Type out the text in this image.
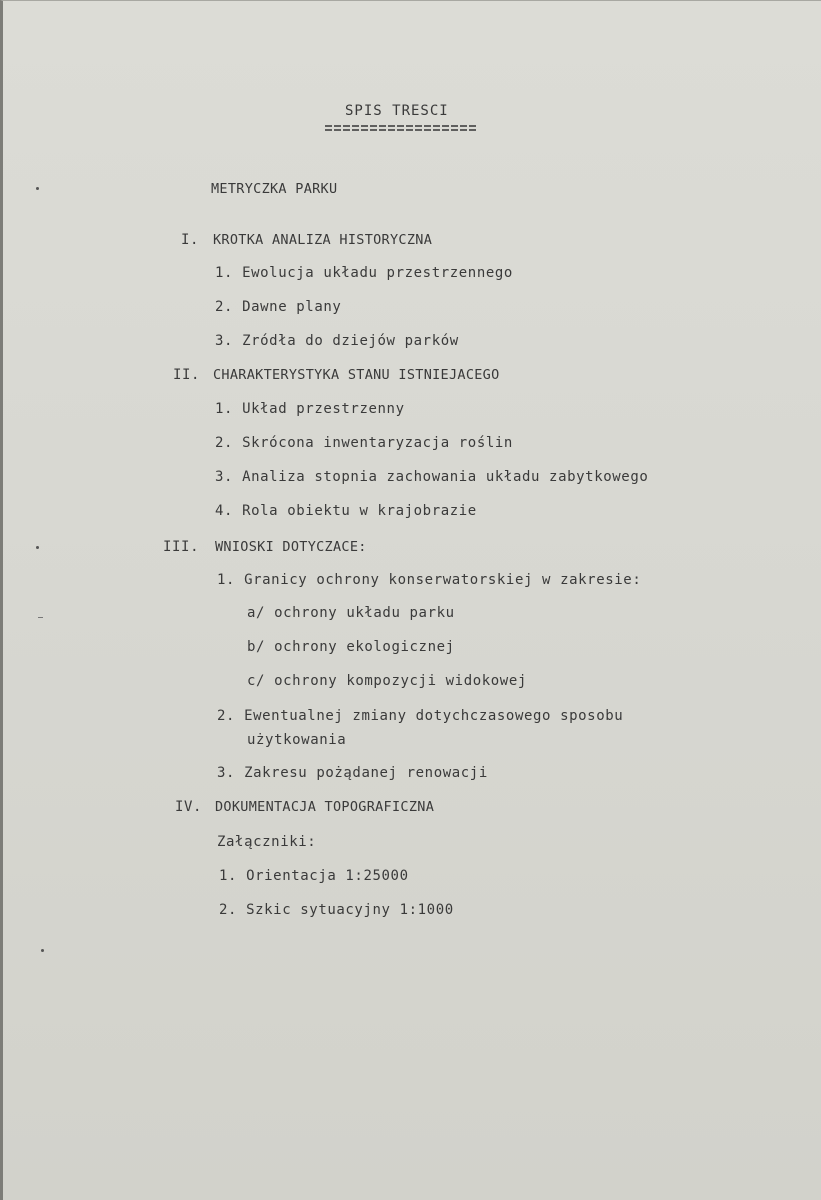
SPIS TRESCI
METRYCZKA PARKU
I. KROTKA ANALIZA HISTORYCZNA
1. Ewolucja układu przestrzennego
2. Dawne plany
3. Zródła do dziejów parków
II. CHARAKTERYSTYKA STANU ISTNIEJACEGO
1. Układ przestrzenny
2. Skrócona inwentaryzacja roślin
3. Analiza stopnia zachowania układu zabytkowego
4. Rola obiektu w krajobrazie
III. WNIOSKI DOTYCZACE:
1. Granicy ochrony konserwatorskiej w zakresie:
a/ ochrony układu parku
b/ ochrony ekologicznej
c/ ochrony kompozycji widokowej
2. Ewentualnej zmiany dotychczasowego sposobu
użytkowania
3. Zakresu pożądanej renowacji
IV. DOKUMENTACJA TOPOGRAFICZNA
Załączniki:
1. Orientacja 1:25000
2. Szkic sytuacyjny 1:1000
